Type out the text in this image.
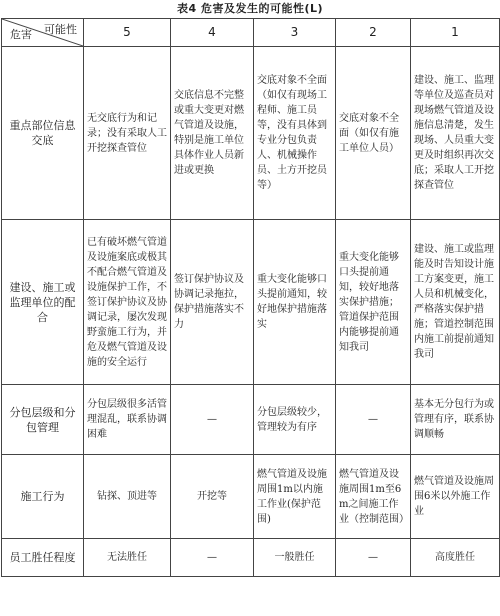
表4 危害及发生的可能性(L)
可能性
危害	5	4	3	2	1
重点部位信息交底	无交底行为和记录；没有采取人工开挖探查管位	交底信息不完整或重大变更对燃气管道及设施，特别是施工单位具体作业人员新进或更换	交底对象不全面（如仅有现场工程师、施工员等，没有具体到专业分包负责人、机械操作员、土方开挖员等）	交底对象不全面（如仅有施工单位人员）	建设、施工、监理等单位及巡查员对现场燃气管道及设施信息清楚，发生现场、人员重大变更及时组织再次交底；采取人工开挖探查管位
建设、施工或监理单位的配合	已有破坏燃气管道及设施案底或极其不配合燃气管道及设施保护工作，不签订保护协议及协调记录，屡次发现野蛮施工行为，并危及燃气管道及设施的安全运行	签订保护协议及协调记录拖拉，保护措施落实不力	重大变化能够口头提前通知，较好地保护措施落实	重大变化能够口头提前通知，较好地落实保护措施；管道保护范围内能够提前通知我司	建设、施工或监理能及时告知设计施工方案变更，施工人员和机械变化，严格落实保护措施；管道控制范围内施工前提前通知我司
分包层级和分包管理	分包层级很多活管理混乱，联系协调困难	—	分包层级较少，管理较为有序	—	基本无分包行为或管理有序，联系协调顺畅
施工行为	钻探、顶进等	开挖等	燃气管道及设施周围1m以内施工作业(保护范围)	燃气管道及设施周围1m至6m之间施工作业（控制范围）	燃气管道及设施周围6米以外施工作业
员工胜任程度	无法胜任	—	一般胜任	—	高度胜任
